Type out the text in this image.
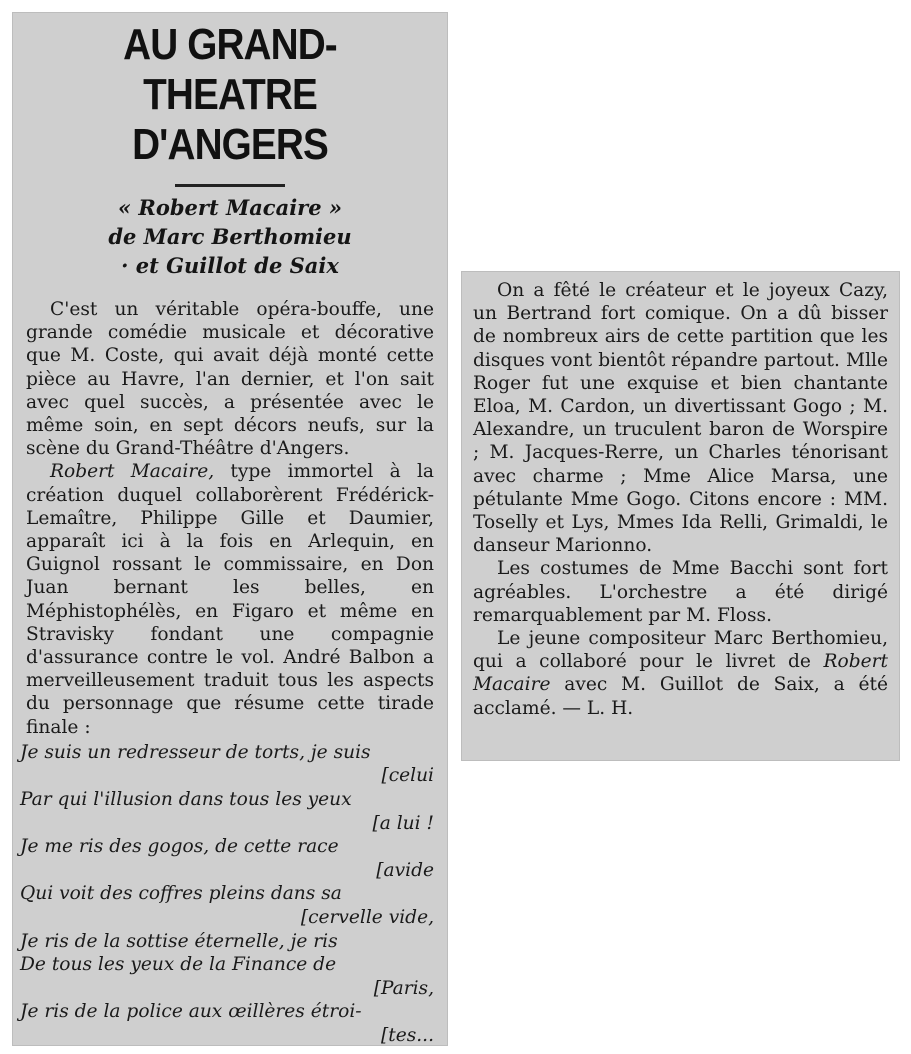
AU GRAND-THEATRE
D'ANGERS
« Robert Macaire »
de Marc Berthomieu
· et Guillot de Saix

C'est un véritable opéra-bouffe, une grande comédie musicale et décorative que M. Coste, qui avait déjà monté cette pièce au Havre, l'an dernier, et l'on sait avec quel succès, a présentée avec le même soin, en sept décors neufs, sur la scène du Grand-Théâtre d'Angers.

Robert Macaire, type immortel à la création duquel collaborèrent Frédérick-Lemaître, Philippe Gille et Daumier, apparaît ici à la fois en Arlequin, en Guignol rossant le commissaire, en Don Juan bernant les belles, en Méphistophélès, en Figaro et même en Stravisky fondant une compagnie d'assurance contre le vol. André Balbon a merveilleusement traduit tous les aspects du personnage que résume cette tirade finale :

Je suis un redresseur de torts, je suis
[celui
Par qui l'illusion dans tous les yeux
[a lui !
Je me ris des gogos, de cette race
[avide
Qui voit des coffres pleins dans sa
[cervelle vide,
Je ris de la sottise éternelle, je ris
De tous les yeux de la Finance de
[Paris,
Je ris de la police aux œillères étroi-
[tes...

On a fêté le créateur et le joyeux Cazy, un Bertrand fort comique. On a dû bisser de nombreux airs de cette partition que les disques vont bientôt répandre partout. Mlle Roger fut une exquise et bien chantante Eloa, M. Cardon, un divertissant Gogo ; M. Alexandre, un truculent baron de Worspire ; M. Jacques-Rerre, un Charles ténorisant avec charme ; Mme Alice Marsa, une pétulante Mme Gogo. Citons encore : MM. Toselly et Lys, Mmes Ida Relli, Grimaldi, le danseur Marionno.

Les costumes de Mme Bacchi sont fort agréables. L'orchestre a été dirigé remarquablement par M. Floss.

Le jeune compositeur Marc Berthomieu, qui a collaboré pour le livret de Robert Macaire avec M. Guillot de Saix, a été acclamé. — L. H.
